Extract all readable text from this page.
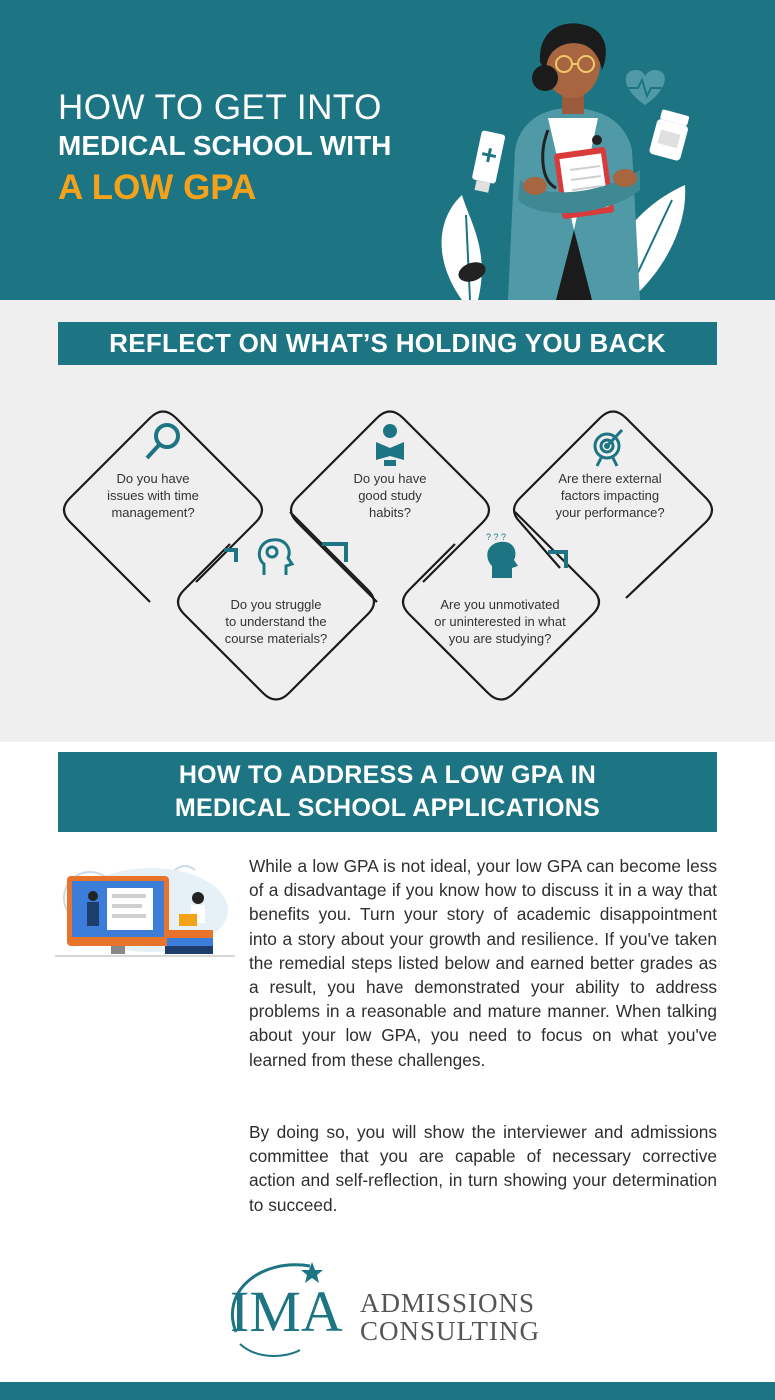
HOW TO GET INTO
MEDICAL SCHOOL WITH
A LOW GPA
REFLECT ON WHAT’S HOLDING YOU BACK
? ? ?
Do you have issues with time management?
Do you have good study habits?
Are there external factors impacting your performance?
Do you struggle to understand the course materials?
Are you unmotivated or uninterested in what you are studying?
HOW TO ADDRESS A LOW GPA IN
MEDICAL SCHOOL APPLICATIONS
While a low GPA is not ideal, your low GPA can become less of a disadvantage if you know how to discuss it in a way that benefits you. Turn your story of academic disappointment into a story about your growth and resilience. If you've taken the remedial steps listed below and earned better grades as a result, you have demonstrated your ability to address problems in a reasonable and mature manner. When talking about your low GPA, you need to focus on what you've learned from these challenges.
By doing so, you will show the interviewer and admissions committee that you are capable of necessary corrective action and self-reflection, in turn showing your determination to succeed.
IMA ADMISSIONS
CONSULTING
